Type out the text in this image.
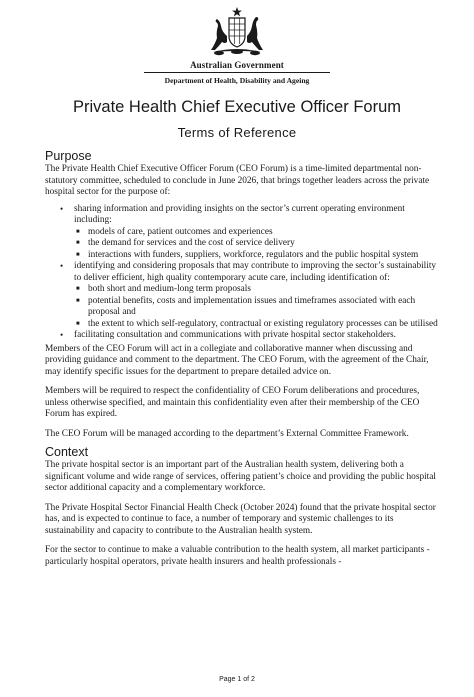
Australian Government
Department of Health, Disability and Ageing
Private Health Chief Executive Officer Forum
Terms of Reference
Purpose

The Private Health Chief Executive Officer Forum (CEO Forum) is a time-limited departmental non-statutory committee, scheduled to conclude in June 2026, that brings together leaders across the private hospital sector for the purpose of:

• sharing information and providing insights on the sector’s current operating environment including:
■ models of care, patient outcomes and experiences
■ the demand for services and the cost of service delivery
■ interactions with funders, suppliers, workforce, regulators and the public hospital system
• identifying and considering proposals that may contribute to improving the sector’s sustainability to deliver efficient, high quality contemporary acute care, including identification of:
■ both short and medium-long term proposals
■ potential benefits, costs and implementation issues and timeframes associated with each proposal and
■ the extent to which self-regulatory, contractual or existing regulatory processes can be utilised
• facilitating consultation and communications with private hospital sector stakeholders.

Members of the CEO Forum will act in a collegiate and collaborative manner when discussing and providing guidance and comment to the department. The CEO Forum, with the agreement of the Chair, may identify specific issues for the department to prepare detailed advice on.

Members will be required to respect the confidentiality of CEO Forum deliberations and procedures, unless otherwise specified, and maintain this confidentiality even after their membership of the CEO Forum has expired.

The CEO Forum will be managed according to the department’s External Committee Framework.

Context

The private hospital sector is an important part of the Australian health system, delivering both a significant volume and wide range of services, offering patient’s choice and providing the public hospital sector additional capacity and a complementary workforce.

The Private Hospital Sector Financial Health Check (October 2024) found that the private hospital sector has, and is expected to continue to face, a number of temporary and systemic challenges to its sustainability and capacity to contribute to the Australian health system.

For the sector to continue to make a valuable contribution to the health system, all market participants - particularly hospital operators, private health insurers and health professionals -

Page 1 of 2
